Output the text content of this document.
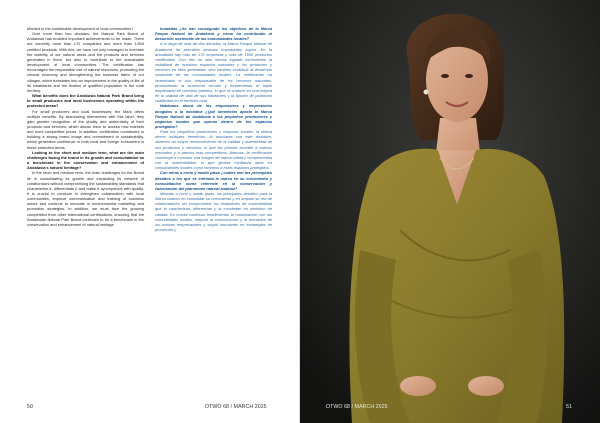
tributed to the sustainable development of local communities?

Over more than two decades, the Natural Park Brand of Andalusia has enabled important achievements to be made. There are currently more than 170 companies and more than 1,800 certified products. With this, we have not only managed to increase the visibility of our natural areas and the products and services generated in them, but also to contribute to the sustainable development of local communities. The certification has encouraged the responsible use of natural resources, promoting the circular economy and strengthening the business fabric of our villages, which translates into an improvement in the quality of life of its inhabitants and the fixation of qualified population in the rural territory.

What benefits does the Andalusia Natural Park Brand bring to small producers and local businesses operating within the protected areas?

For small producers and local businesses, the Mark offers multiple benefits. By associating themselves with this label, they gain greater recognition of the quality and authenticity of their products and services, which allows them to access new markets and more competitive prices. In addition, certification contributes to building a strong brand image and commitment to sustainability, which generates confidence in both local and foreign consumers in these protected areas.

Looking to the short and medium term, what are the main challenges facing the brand in its growth and consolidation as a benchmark in the conservation and enhancement of Andalusia's natural heritage?

In the short and medium term, the main challenges for the Brand lie in consolidating its growth and expanding its network of collaborators without compromising the sustainability standards that characterise it, differentiate it and make it synonymous with quality. It is crucial to continue to strengthen collaboration with local communities, improve communication and training of business actors and continue to innovate in environmental marketing and promotion strategies. In addition, we must face the growing competition from other international certifications, ensuring that the Andalusian Natural Park Brand continues to be a benchmark in the conservation and enhancement of natural heritage.

fundadas ¿Se han conseguido los objetivos de la Marca Parque Natural de Andalucía y cómo ha contribuido al desarrollo sostenible de las comunidades locales?

A lo largo de más de dos décadas, la Marca Parque Natural de Andalucía ha permitido alcanzar importantes logros. En la actualidad hay más de 170 empresas y más de 1800 productos certificados. Con ello no solo hemos logrado incrementar la visibilidad de nuestros espacios naturales y los productos y servicios en ellos generados, sino también contribuir al desarrollo sostenible de las comunidades locales. La certificación ha incentivado el uso responsable de los recursos naturales, promoviendo la economía circular y fortaleciendo el tejido empresarial de nuestros pueblos, lo que se traduce en una mejora en la calidad de vida de sus habitantes y la fijación de población cualificada en el territorio rural.

Hablamos ahora de los empresarios y empresarios acogidos a la iniciativa ¿Qué beneficios aporta la Marca Parque Natural de Andalucía a los pequeños productores y negocios locales que operan dentro de los espacios protegidos?

Para los pequeños productores y negocios locales, la Marca ofrece múltiples beneficios. Al asociarse con este distintivo, obtienen un mayor reconocimiento de la calidad y autenticidad de sus productos y servicios, lo que les permite acceder a nuevos mercados y a precios más competitivos. Además, la certificación contribuye a construir una imagen de marca sólida y comprometida con la sostenibilidad, lo que genera confianza tanto en consumidores locales como foráneos a estos espacios protegidos.

Con miras a corto y medio plazo ¿cuáles son los principales desafíos a los que se enfrenta la marca en su crecimiento y consolidación como referente en la conservación y valorización del patrimonio natural andaluz?

Mirando a corto y medio plazo, los principales desafíos para la Marca radican en consolidar su crecimiento y en ampliar su red de colaboradores sin comprometer los estándares de sostenibilidad que la caracterizan, diferencian y la convierten en sinónimo de calidad. Es crucial continuar fortaleciendo la colaboración con las comunidades locales, mejorar la comunicación y la formación de los actores empresariales y seguir innovando en estrategias de promoción y

50	OTWO 68 / MARCH 2025	OTWO 68 / MARCH 2025	51
